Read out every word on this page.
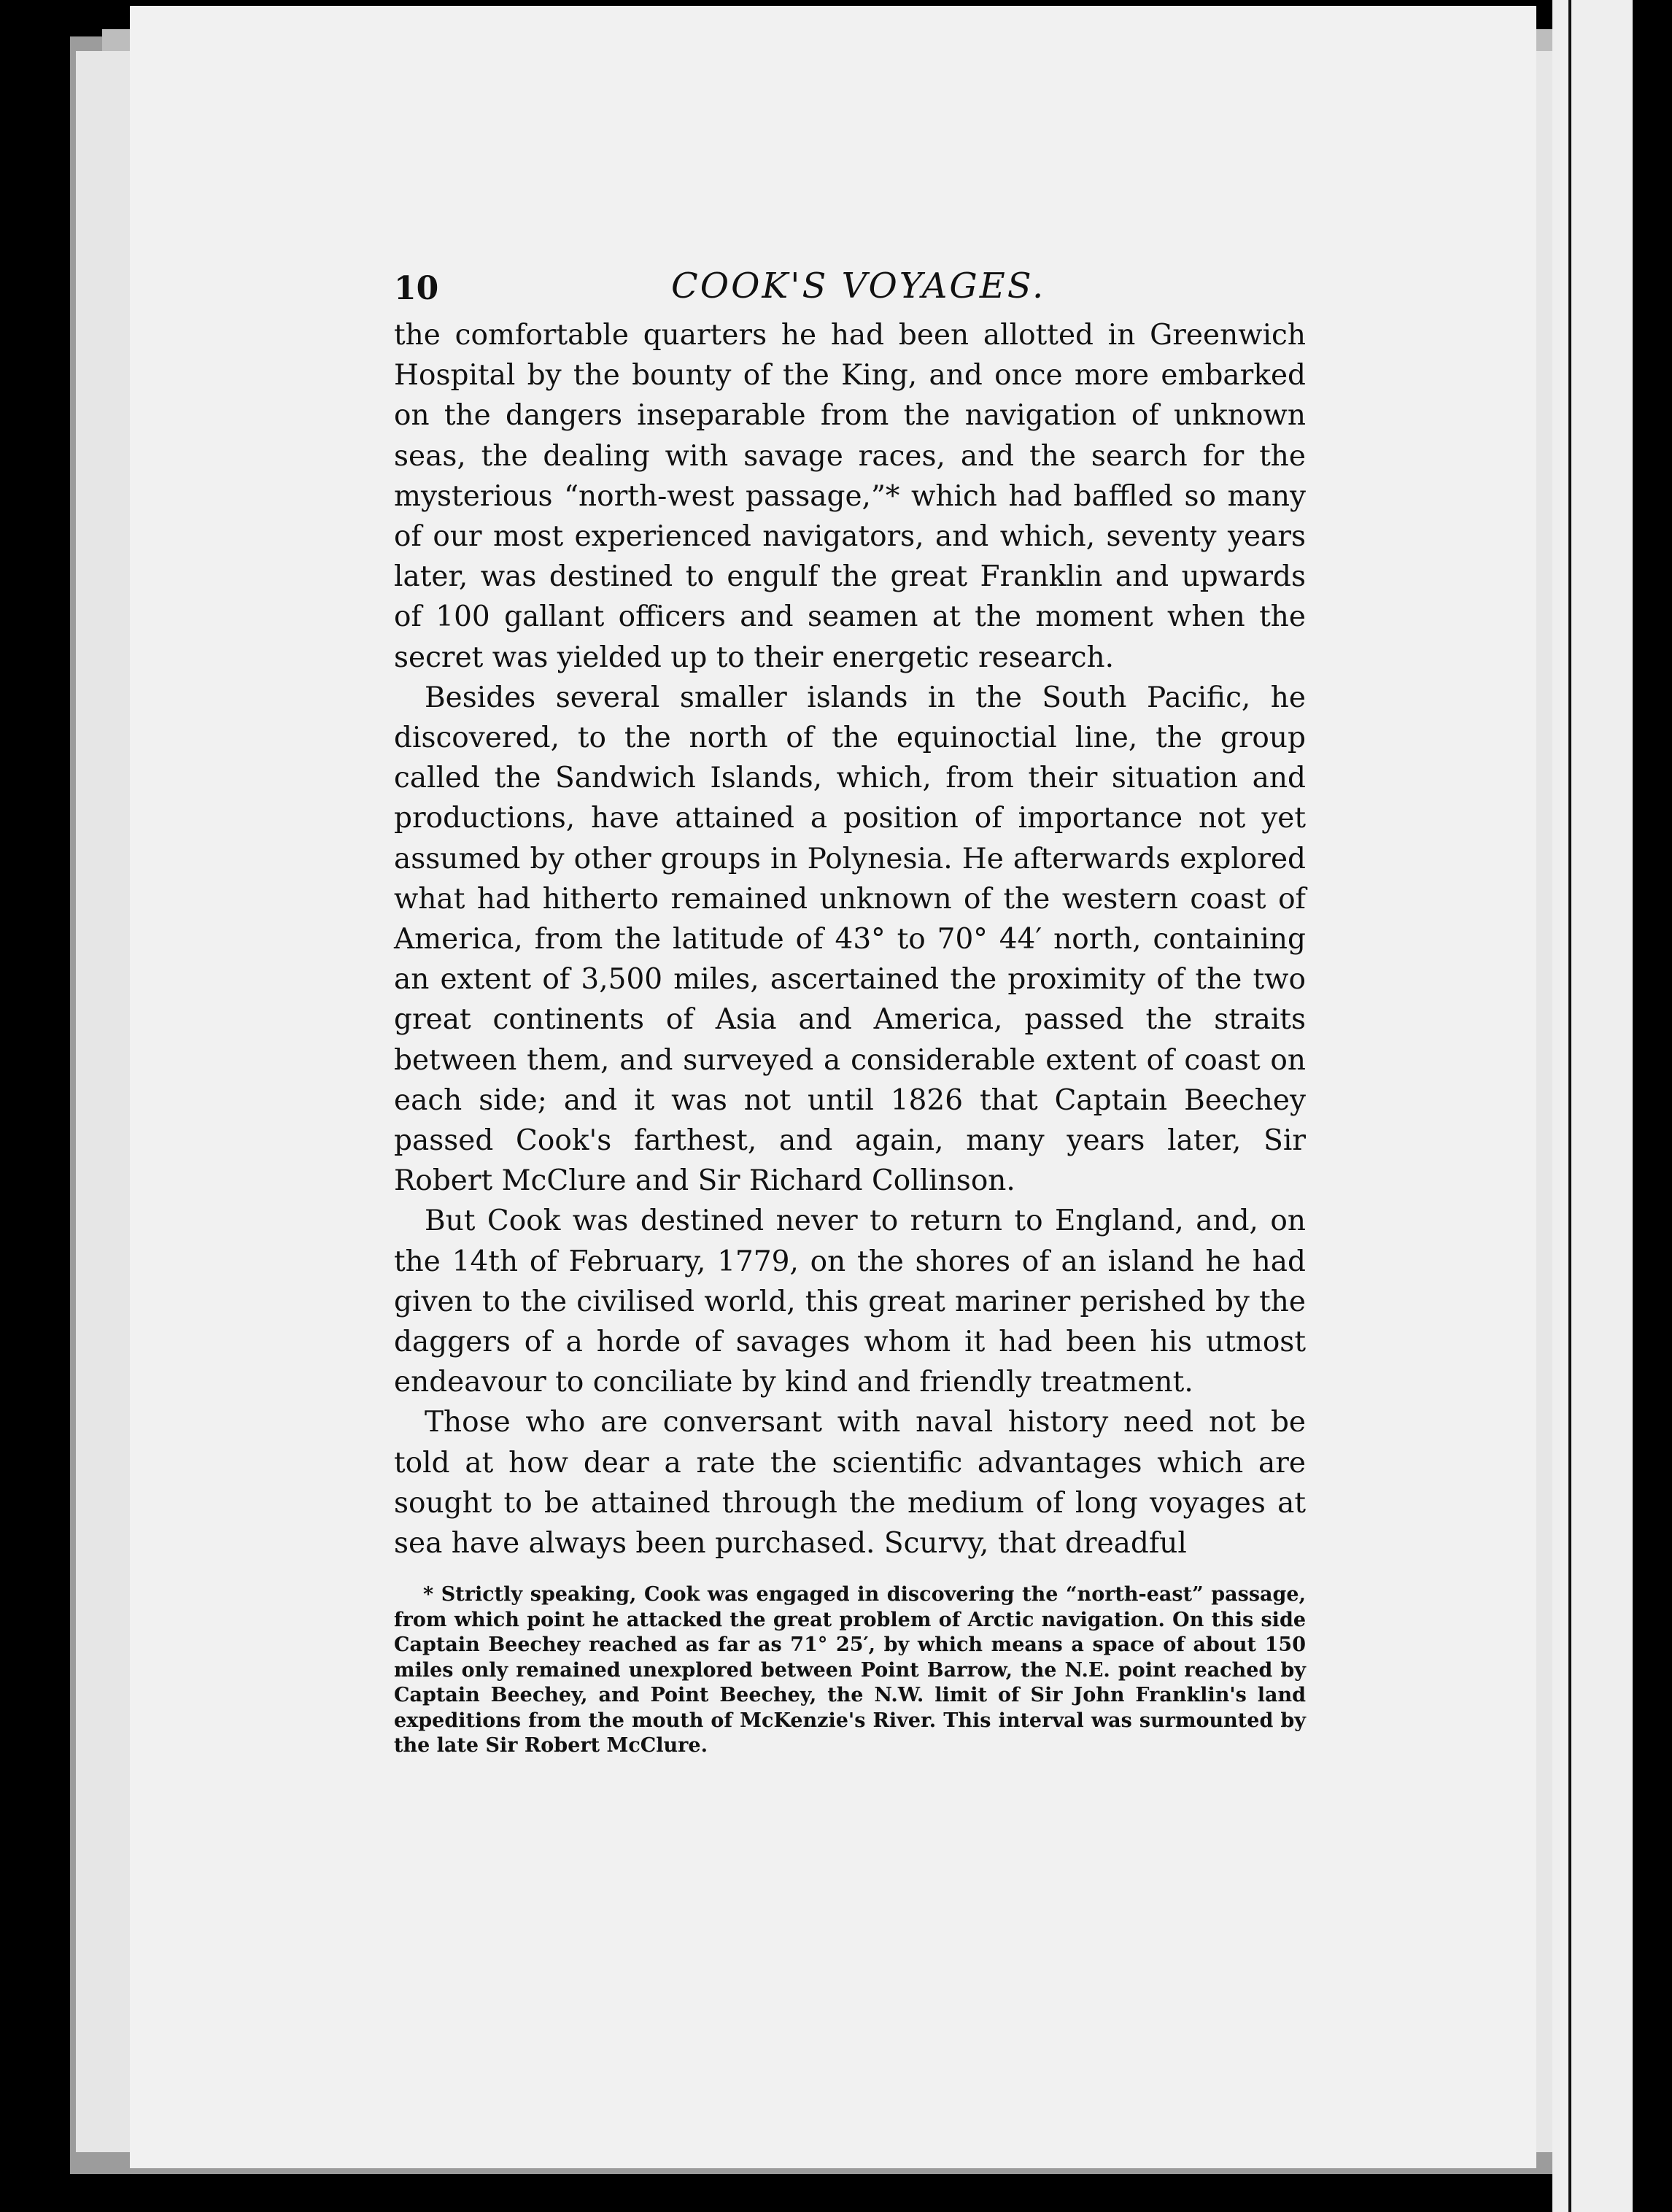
10	COOK'S VOYAGES.

the comfortable quarters he had been allotted in Greenwich Hospital by the bounty of the King, and once more embarked on the dangers inseparable from the navigation of unknown seas, the dealing with savage races, and the search for the mysterious “north-west passage,”* which had baffled so many of our most experienced navigators, and which, seventy years later, was destined to engulf the great Franklin and upwards of 100 gallant officers and seamen at the moment when the secret was yielded up to their energetic research.

Besides several smaller islands in the South Pacific, he discovered, to the north of the equinoctial line, the group called the Sandwich Islands, which, from their situation and productions, have attained a position of importance not yet assumed by other groups in Polynesia. He afterwards explored what had hitherto remained unknown of the western coast of America, from the latitude of 43° to 70° 44′ north, containing an extent of 3,500 miles, ascertained the proximity of the two great continents of Asia and America, passed the straits between them, and surveyed a considerable extent of coast on each side; and it was not until 1826 that Captain Beechey passed Cook's farthest, and again, many years later, Sir Robert McClure and Sir Richard Collinson.

But Cook was destined never to return to England, and, on the 14th of February, 1779, on the shores of an island he had given to the civilised world, this great mariner perished by the daggers of a horde of savages whom it had been his utmost endeavour to conciliate by kind and friendly treatment.

Those who are conversant with naval history need not be told at how dear a rate the scientific advantages which are sought to be attained through the medium of long voyages at sea have always been purchased. Scurvy, that dreadful

* Strictly speaking, Cook was engaged in discovering the “north-east” passage, from which point he attacked the great problem of Arctic navigation. On this side Captain Beechey reached as far as 71° 25′, by which means a space of about 150 miles only remained unexplored between Point Barrow, the N.E. point reached by Captain Beechey, and Point Beechey, the N.W. limit of Sir John Franklin's land expeditions from the mouth of McKenzie's River. This interval was surmounted by the late Sir Robert McClure.
